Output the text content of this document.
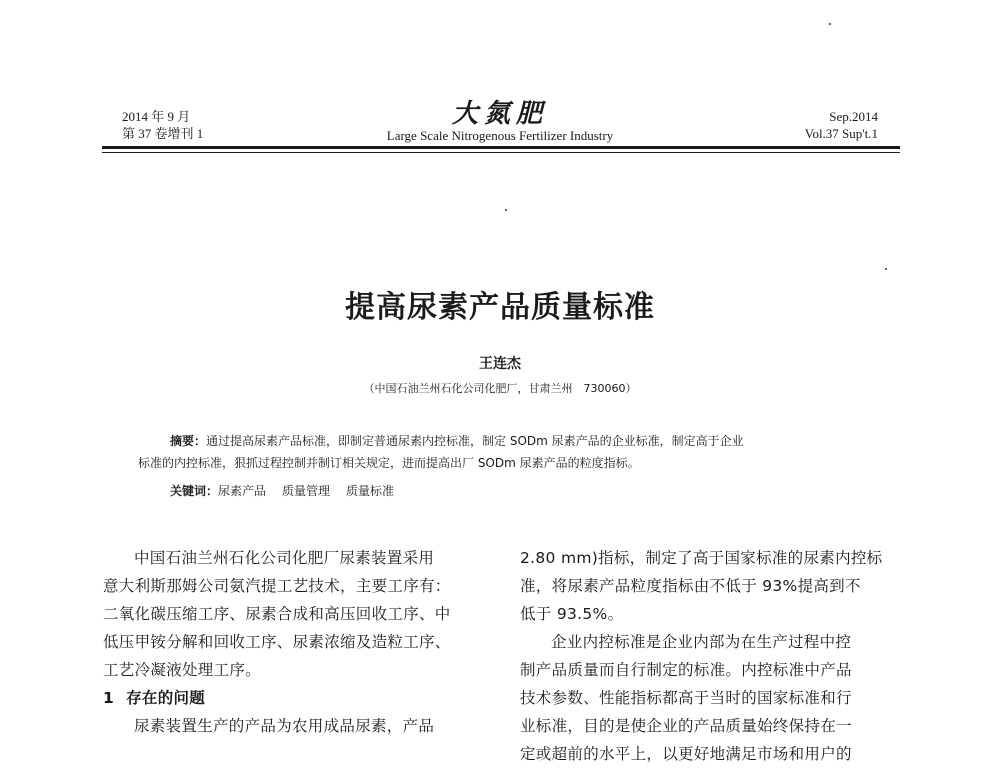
2014 年 9 月
第 37 卷增刊 1
大氮肥
Large Scale Nitrogenous Fertilizer Industry
Sep.2014
Vol.37 Sup't.1
提高尿素产品质量标准
王连杰
（中国石油兰州石化公司化肥厂，甘肃兰州　730060）

摘要：通过提高尿素产品标准，即制定普通尿素内控标准，制定 SODm 尿素产品的企业标准，制定高于企业

标准的内控标准，狠抓过程控制并制订相关规定，进而提高出厂 SODm 尿素产品的粒度指标。

关键词：尿素产品 质量管理 质量标准

中国石油兰州石化公司化肥厂尿素装置采用

意大利斯那姆公司氨汽提工艺技术，主要工序有：

二氧化碳压缩工序、尿素合成和高压回收工序、中

低压甲铵分解和回收工序、尿素浓缩及造粒工序、

工艺冷凝液处理工序。

1 存在的问题

尿素装置生产的产品为农用成品尿素，产品

2.80 mm)指标，制定了高于国家标准的尿素内控标

准，将尿素产品粒度指标由不低于 93%提高到不

低于 93.5%。

企业内控标准是企业内部为在生产过程中控

制产品质量而自行制定的标准。内控标准中产品

技术参数、性能指标都高于当时的国家标准和行

业标准，目的是使企业的产品质量始终保持在一

定或超前的水平上，以更好地满足市场和用户的
